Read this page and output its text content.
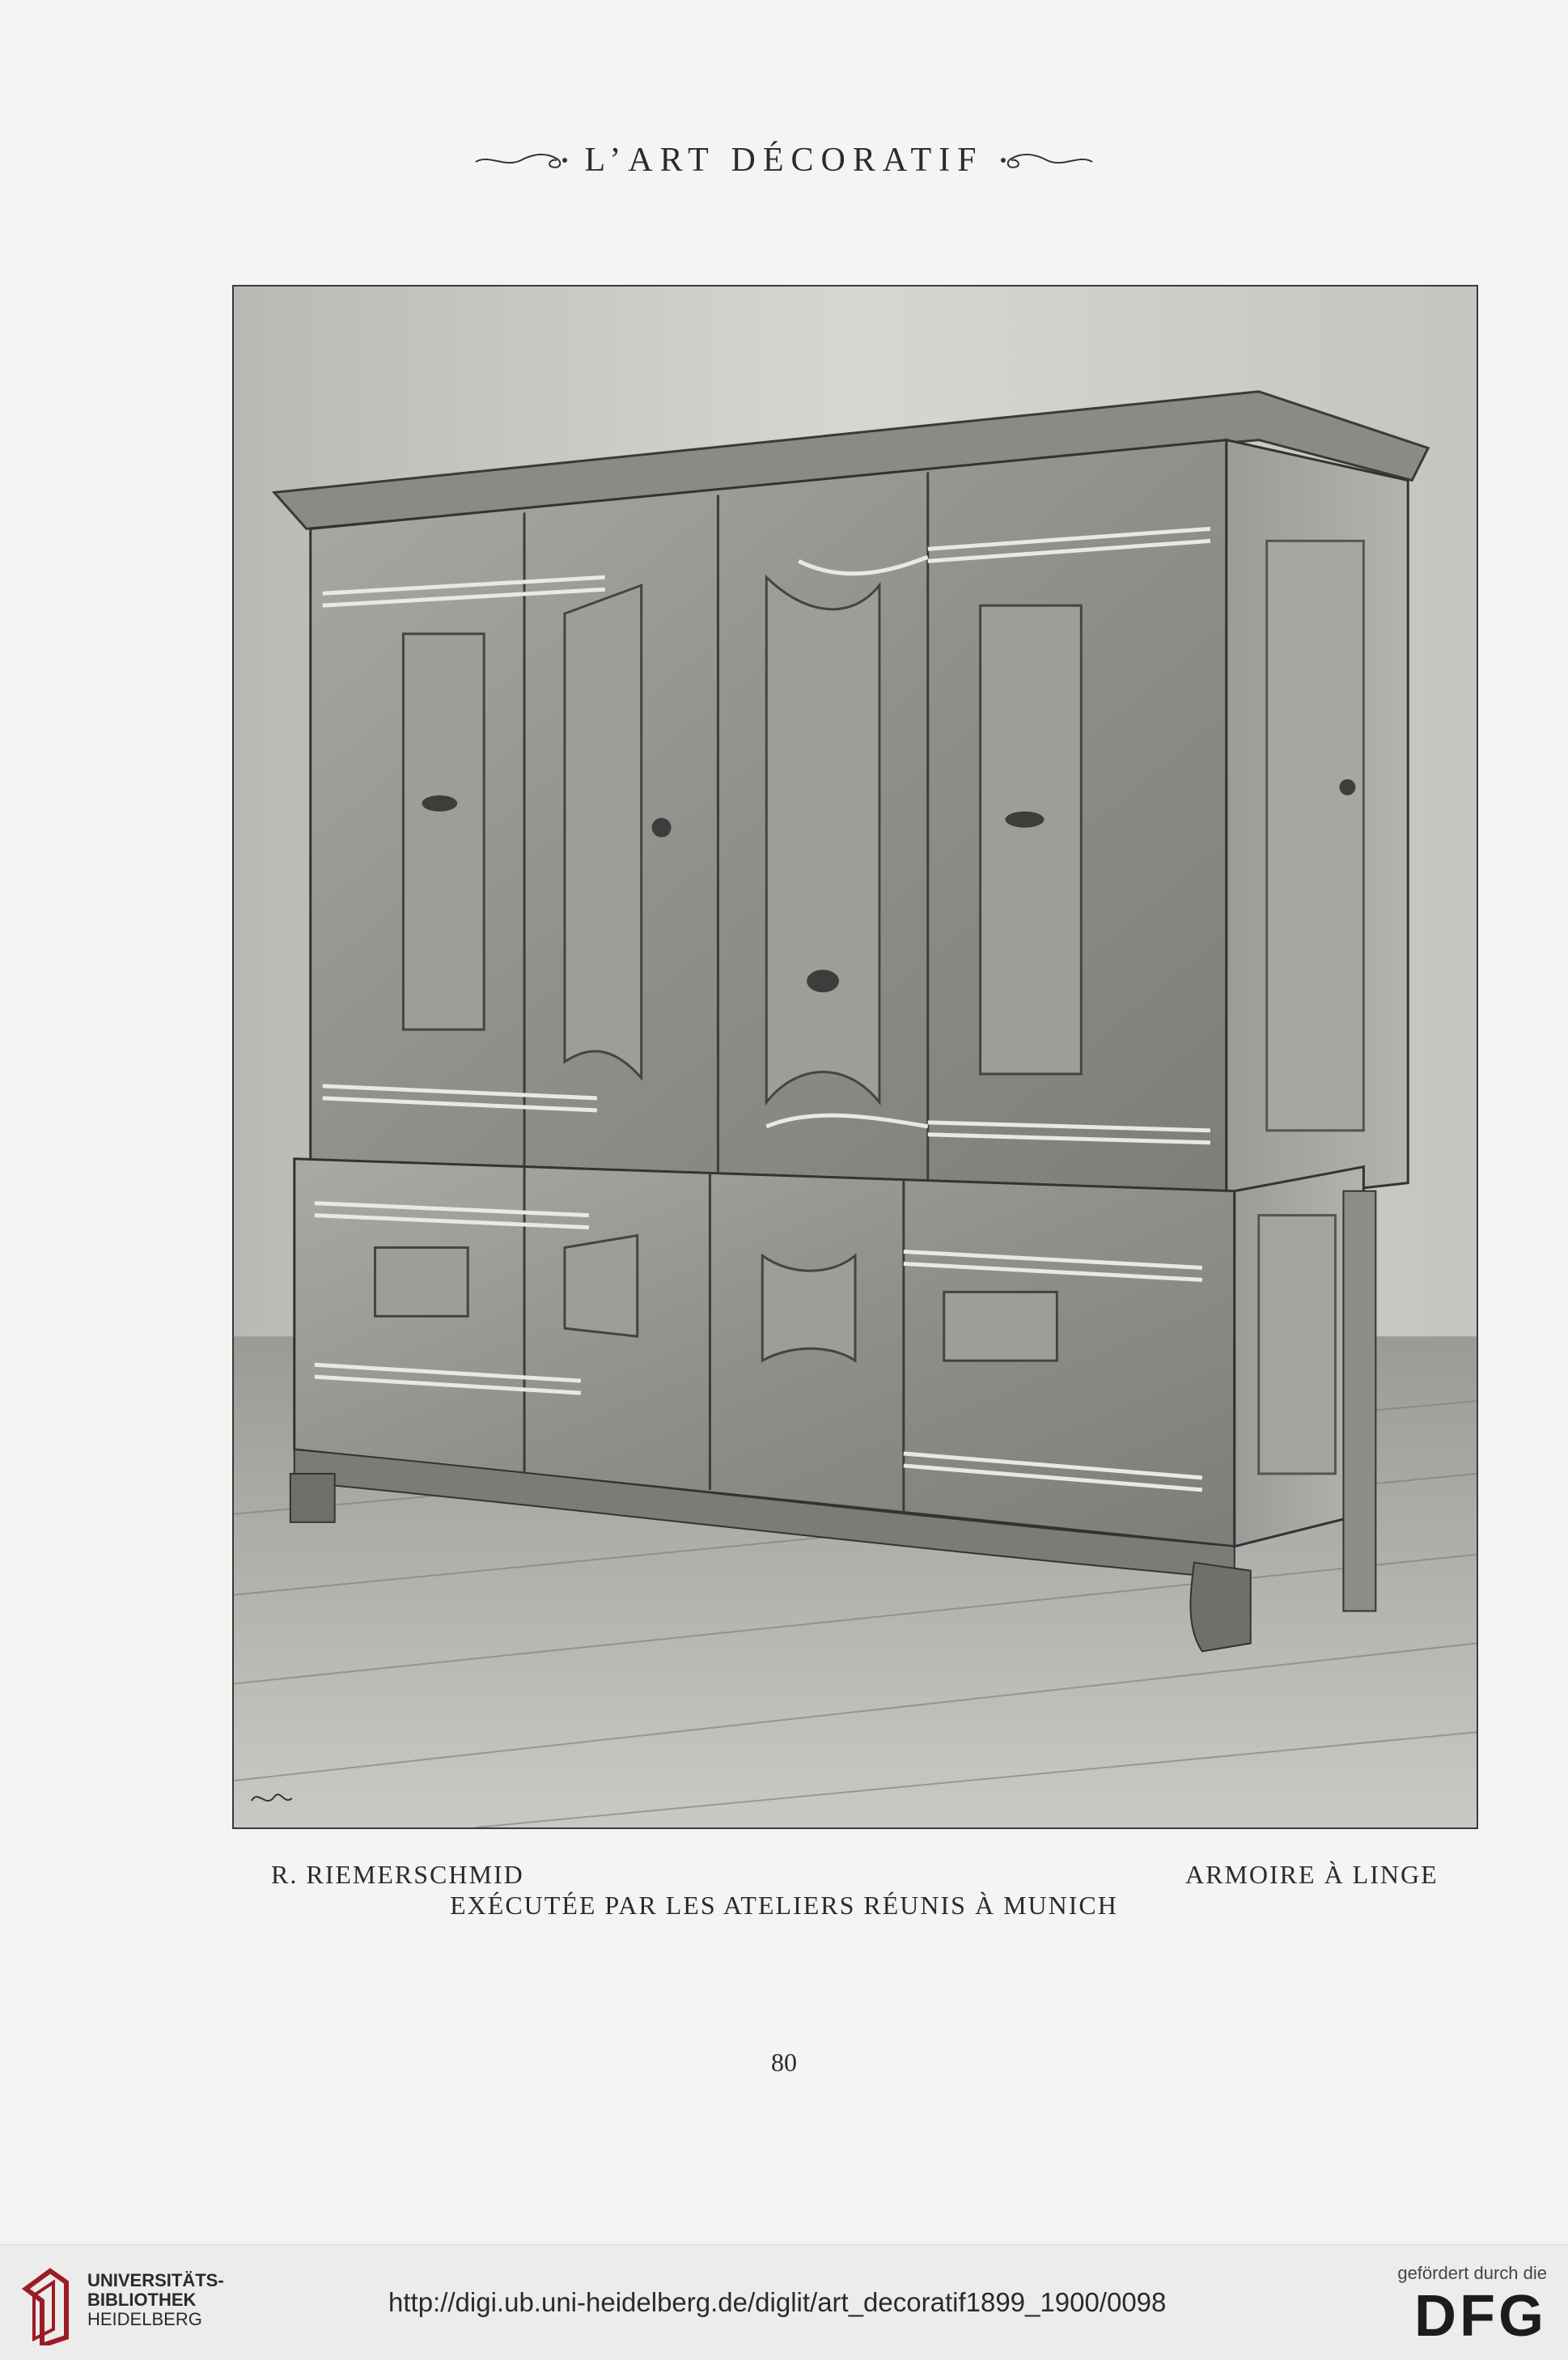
L’ART DÉCORATIF
R. RIEMERSCHMID	ARMOIRE À LINGE
EXÉCUTÉE PAR LES ATELIERS RÉUNIS À MUNICH
80
UNIVERSITÄTS-
BIBLIOTHEK
HEIDELBERG
http://digi.ub.uni-heidelberg.de/diglit/art_decoratif1899_1900/0098
gefördert durch die
DFG
